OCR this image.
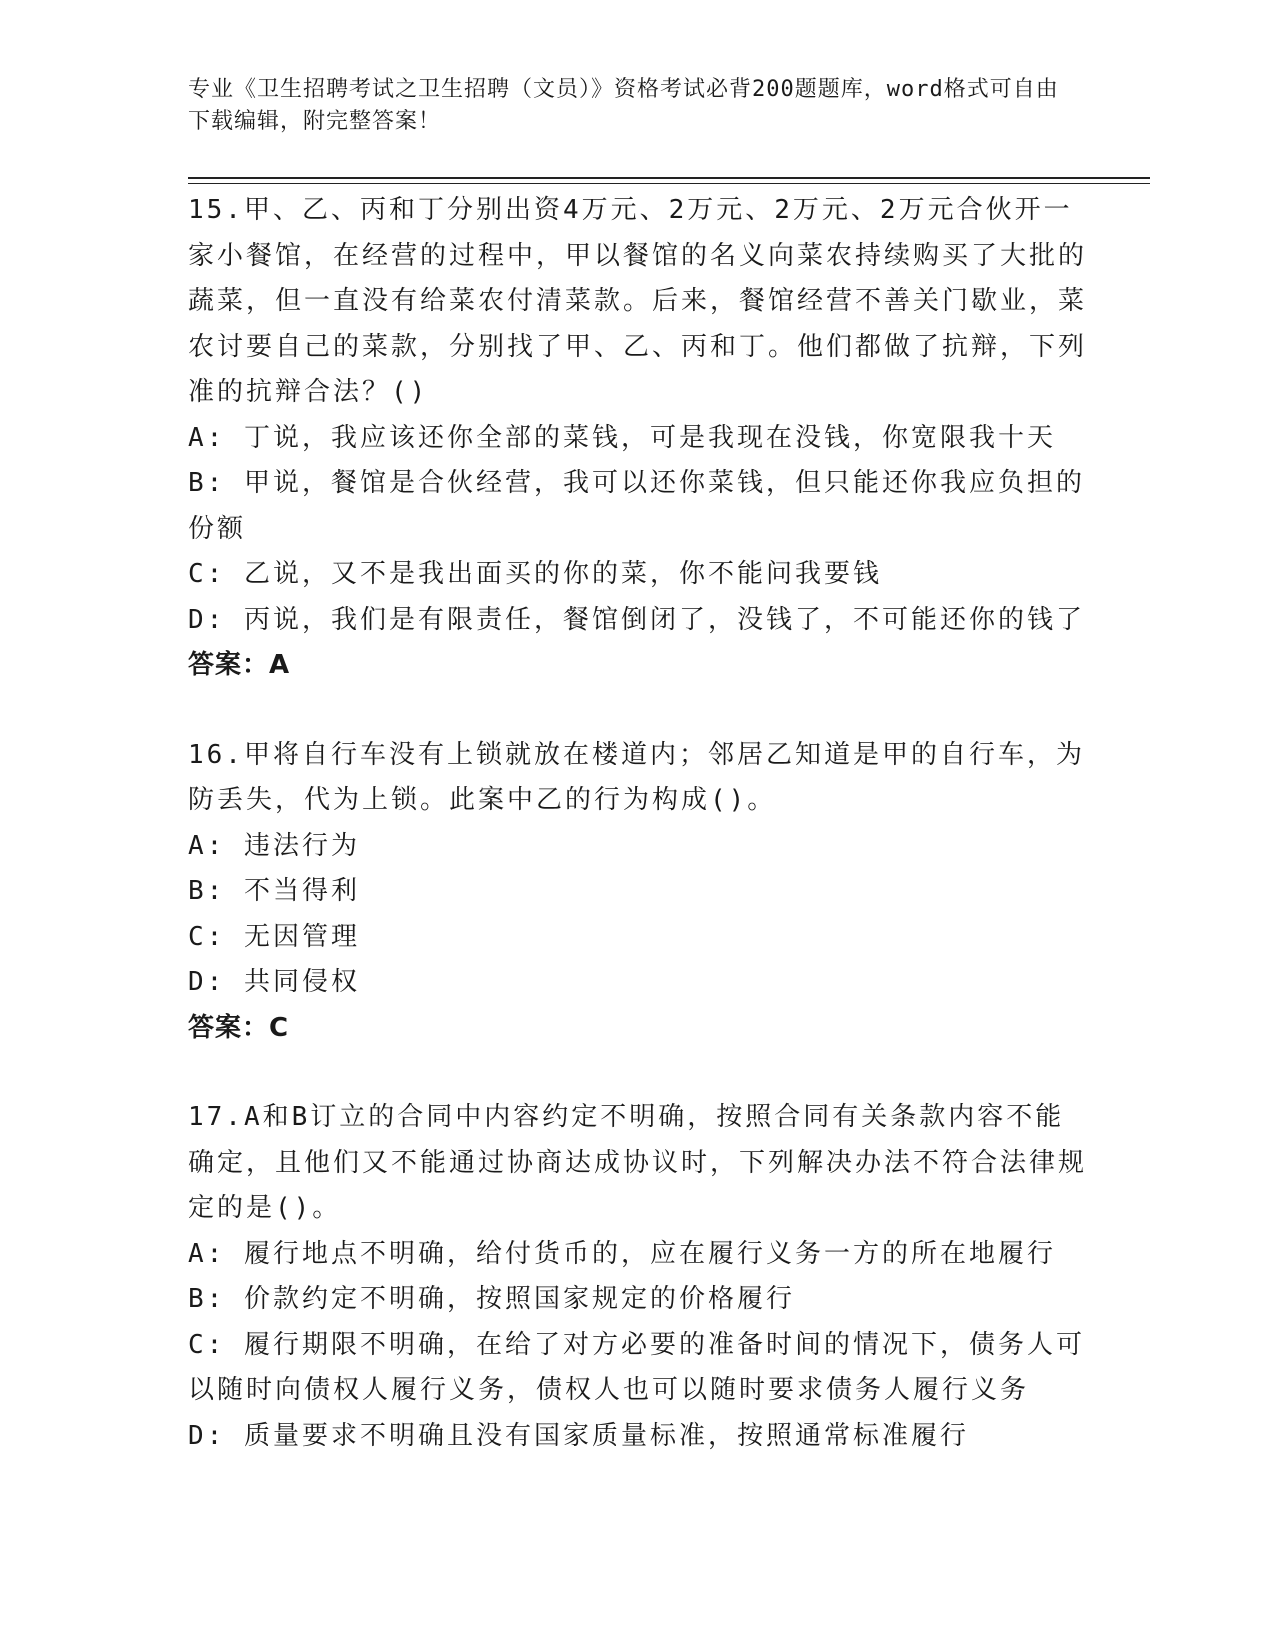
专业《卫生招聘考试之卫生招聘（文员）》资格考试必背200题题库，word格式可自由下载编辑，附完整答案！
15.甲、乙、丙和丁分别出资4万元、2万元、2万元、2万元合伙开一家小餐馆，在经营的过程中，甲以餐馆的名义向菜农持续购买了大批的蔬菜，但一直没有给菜农付清菜款。后来，餐馆经营不善关门歇业，菜农讨要自己的菜款，分别找了甲、乙、丙和丁。他们都做了抗辩，下列准的抗辩合法？()
A: 丁说，我应该还你全部的菜钱，可是我现在没钱，你宽限我十天
B: 甲说，餐馆是合伙经营，我可以还你菜钱，但只能还你我应负担的份额
C: 乙说，又不是我出面买的你的菜，你不能问我要钱
D: 丙说，我们是有限责任，餐馆倒闭了，没钱了，不可能还你的钱了
答案：A
16.甲将自行车没有上锁就放在楼道内；邻居乙知道是甲的自行车，为防丢失，代为上锁。此案中乙的行为构成()。
A: 违法行为
B: 不当得利
C: 无因管理
D: 共同侵权
答案：C
17.A和B订立的合同中内容约定不明确，按照合同有关条款内容不能确定，且他们又不能通过协商达成协议时，下列解决办法不符合法律规定的是()。
A: 履行地点不明确，给付货币的，应在履行义务一方的所在地履行
B: 价款约定不明确，按照国家规定的价格履行
C: 履行期限不明确，在给了对方必要的准备时间的情况下，债务人可以随时向债权人履行义务，债权人也可以随时要求债务人履行义务
D: 质量要求不明确且没有国家质量标准，按照通常标准履行
